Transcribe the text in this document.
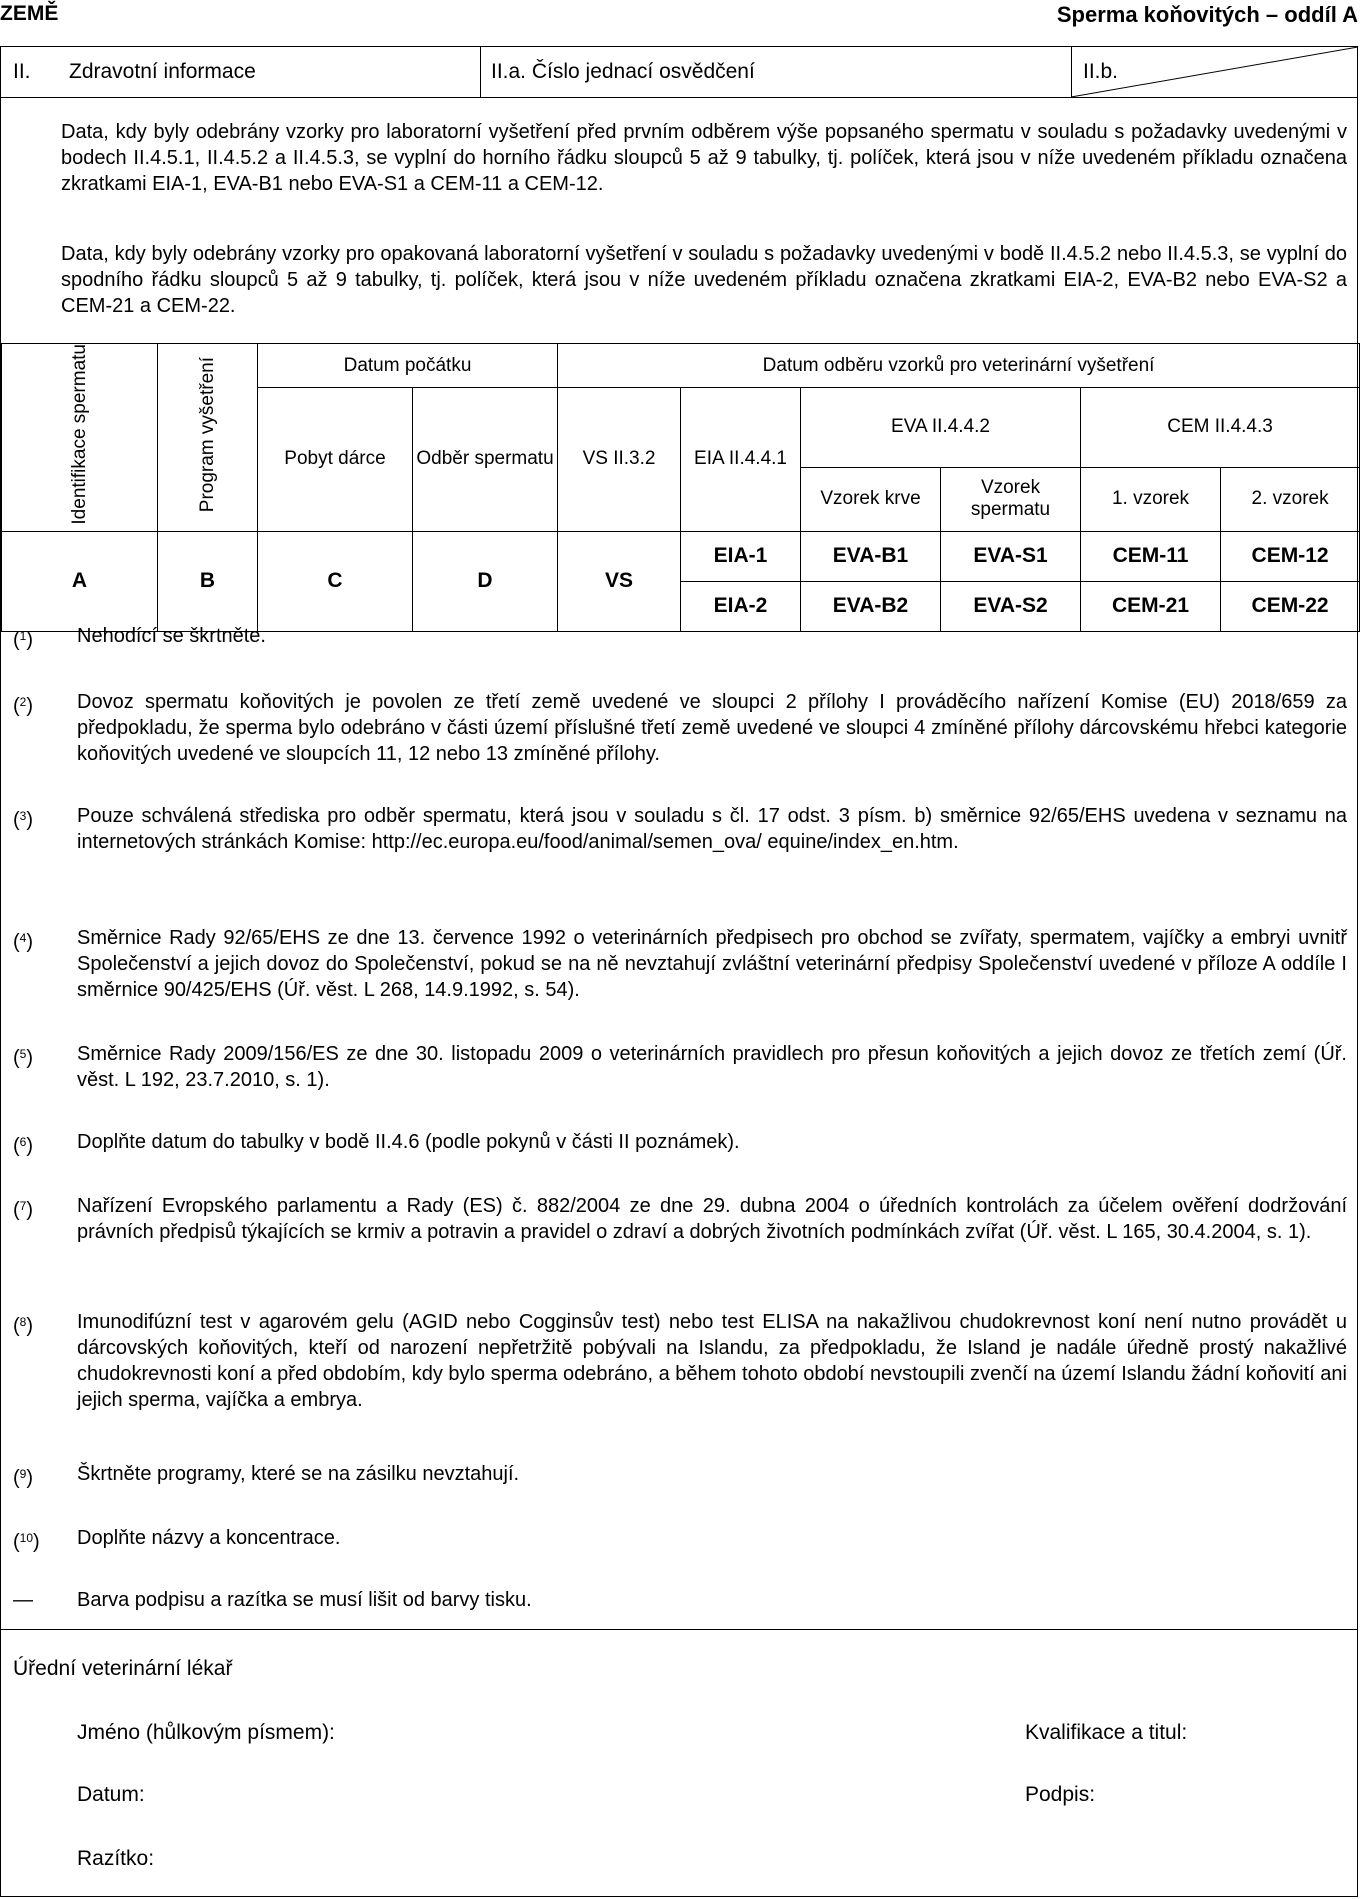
ZEMĚ	Sperma koňovitých – oddíl A
II. Zdravotní informace	II.a. Číslo jednací osvědčení	II.b.
Data, kdy byly odebrány vzorky pro laboratorní vyšetření před prvním odběrem výše popsaného spermatu v souladu s požadavky uvedenými v bodech II.4.5.1, II.4.5.2 a II.4.5.3, se vyplní do horního řádku sloupců 5 až 9 tabulky, tj. políček, která jsou v níže uvedeném příkladu označena zkratkami EIA-1, EVA-B1 nebo EVA-S1 a CEM-11 a CEM-12.
Data, kdy byly odebrány vzorky pro opakovaná laboratorní vyšetření v souladu s požadavky uvedenými v bodě II.4.5.2 nebo II.4.5.3, se vyplní do spodního řádku sloupců 5 až 9 tabulky, tj. políček, která jsou v níže uvedeném příkladu označena zkratkami EIA-2, EVA-B2 nebo EVA-S2 a CEM-21 a CEM-22.
Identifikace spermatu	Program vyšetření	Datum počátku		Datum odběru vzorků pro veterinární vyšetření					
		Pobyt dárce	Odběr spermatu	VS II.3.2	EIA II.4.4.1	EVA II.4.4.2		CEM II.4.4.3	
						Vzorek krve	Vzorek spermatu	1. vzorek	2. vzorek
A	B	C	D	VS	EIA-1	EVA-B1	EVA-S1	CEM-11	CEM-12
					EIA-2	EVA-B2	EVA-S2	CEM-21	CEM-22
($^1$) Nehodící se škrtněte.
($^2$) Dovoz spermatu koňovitých je povolen ze třetí země uvedené ve sloupci 2 přílohy I prováděcího nařízení Komise (EU) 2018/659 za předpokladu, že sperma bylo odebráno v části území příslušné třetí země uvedené ve sloupci 4 zmíněné přílohy dárcovskému hřebci kategorie koňovitých uvedené ve sloupcích 11, 12 nebo 13 zmíněné přílohy.
($^3$) Pouze schválená střediska pro odběr spermatu, která jsou v souladu s čl. 17 odst. 3 písm. b) směrnice 92/65/EHS uvedena v seznamu na internetových stránkách Komise: http://ec.europa.eu/food/animal/semen_ova/ equine/index_en.htm.
($^4$) Směrnice Rady 92/65/EHS ze dne 13. července 1992 o veterinárních předpisech pro obchod se zvířaty, spermatem, vajíčky a embryi uvnitř Společenství a jejich dovoz do Společenství, pokud se na ně nevztahují zvláštní veterinární předpisy Společenství uvedené v příloze A oddíle I směrnice 90/425/EHS (Úř. věst. L 268, 14.9.1992, s. 54).
($^5$) Směrnice Rady 2009/156/ES ze dne 30. listopadu 2009 o veterinárních pravidlech pro přesun koňovitých a jejich dovoz ze třetích zemí (Úř. věst. L 192, 23.7.2010, s. 1).
($^6$) Doplňte datum do tabulky v bodě II.4.6 (podle pokynů v části II poznámek).
($^7$) Nařízení Evropského parlamentu a Rady (ES) č. 882/2004 ze dne 29. dubna 2004 o úředních kontrolách za účelem ověření dodržování právních předpisů týkajících se krmiv a potravin a pravidel o zdraví a dobrých životních podmínkách zvířat (Úř. věst. L 165, 30.4.2004, s. 1).
($^8$) Imunodifúzní test v agarovém gelu (AGID nebo Cogginsův test) nebo test ELISA na nakažlivou chudokrevnost koní není nutno provádět u dárcovských koňovitých, kteří od narození nepřetržitě pobývali na Islandu, za předpokladu, že Island je nadále úředně prostý nakažlivé chudokrevnosti koní a před obdobím, kdy bylo sperma odebráno, a během tohoto období nevstoupili zvenčí na území Islandu žádní koňovití ani jejich sperma, vajíčka a embrya.
($^9$) Škrtněte programy, které se na zásilku nevztahují.
($^{10}$) Doplňte názvy a koncentrace.
— Barva podpisu a razítka se musí lišit od barvy tisku.
Úřední veterinární lékař
Jméno (hůlkovým písmem):	Kvalifikace a titul:
Datum:	Podpis:
Razítko:
